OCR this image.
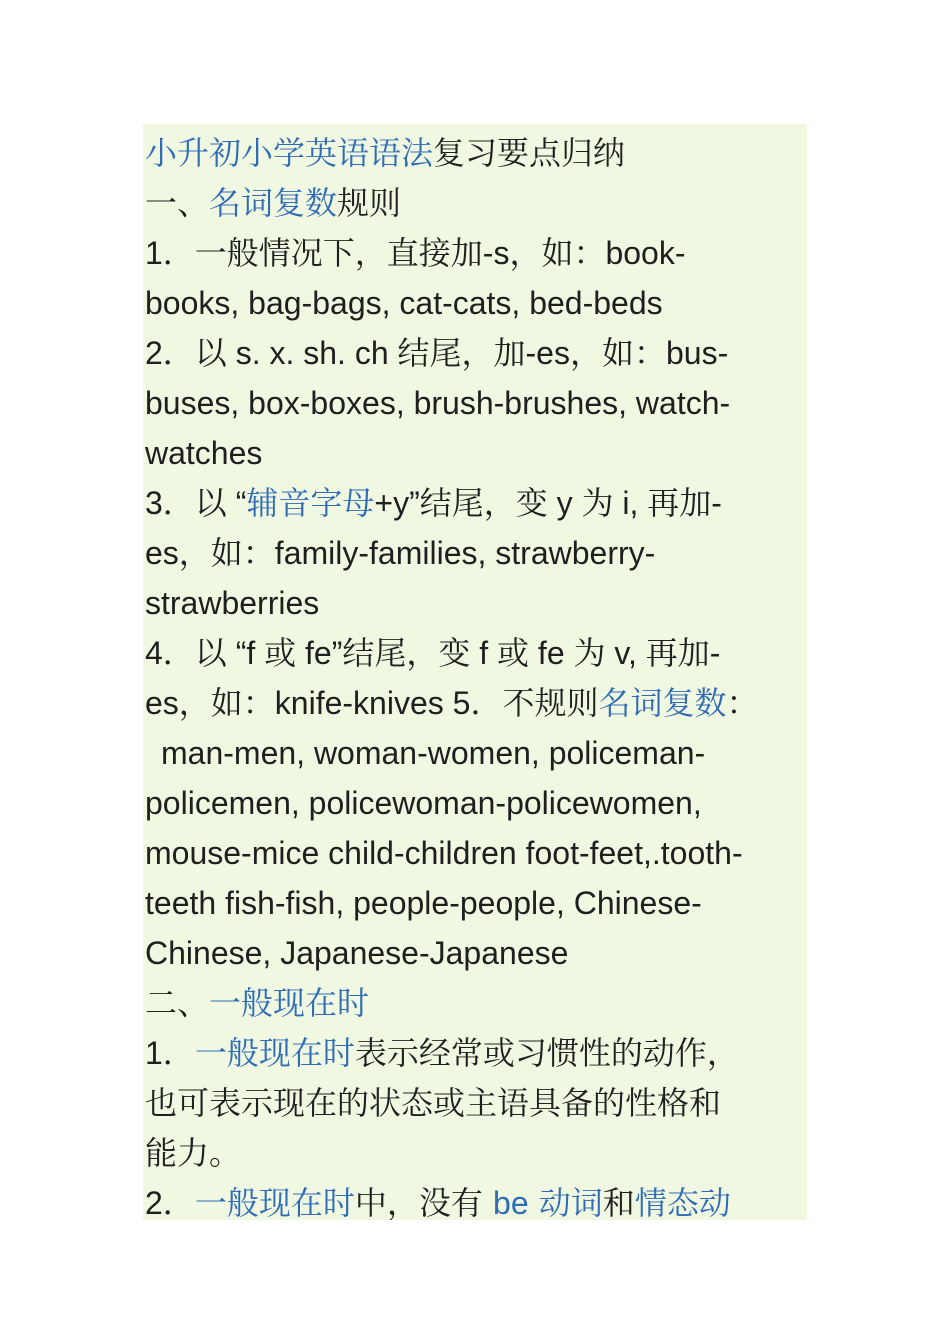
小升初小学英语语法复习要点归纳
一、名词复数规则
1．一般情况下，直接加-s，如：book-
books, bag-bags, cat-cats, bed-beds
2．以 s. x. sh. ch 结尾，加-es，如：bus-
buses, box-boxes, brush-brushes, watch-
watches
3．以 “辅音字母+y”结尾，变 y 为 i, 再加-
es，如：family-families, strawberry-
strawberries
4．以 “f 或 fe”结尾，变 f 或 fe 为 v, 再加-
es，如：knife-knives 5．不规则名词复数：
man-men, woman-women, policeman-
policemen, policewoman-policewomen,
mouse-mice child-children foot-feet,.tooth-
teeth fish-fish, people-people, Chinese-
Chinese, Japanese-Japanese
二、一般现在时
1．一般现在时表示经常或习惯性的动作，
也可表示现在的状态或主语具备的性格和
能力。
2．一般现在时中，没有 be 动词和情态动
